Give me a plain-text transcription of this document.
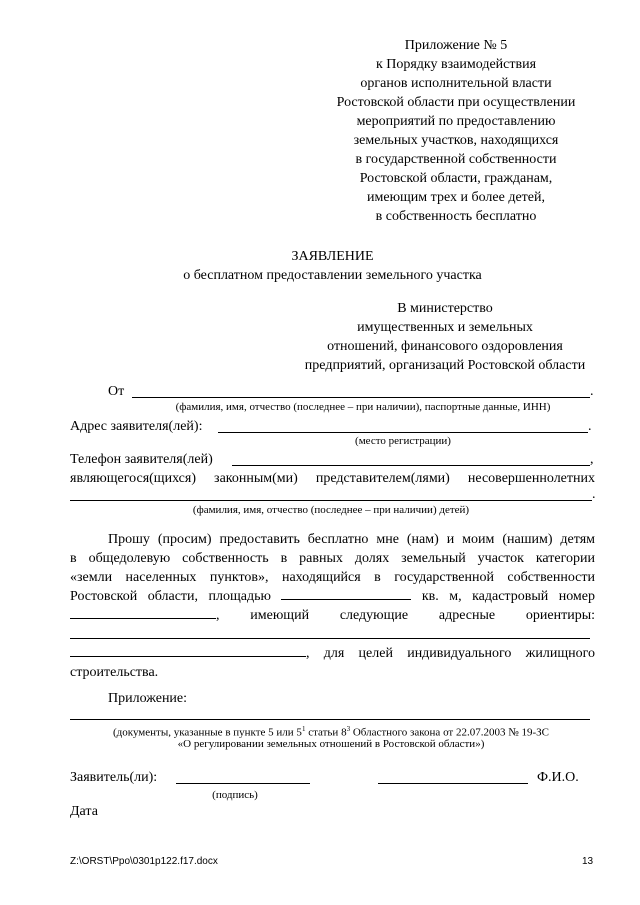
Приложение № 5
к Порядку взаимодействия
органов исполнительной власти
Ростовской области при осуществлении
мероприятий по предоставлению
земельных участков, находящихся
в государственной собственности
Ростовской области, гражданам,
имеющим трех и более детей,
в собственность бесплатно
ЗАЯВЛЕНИЕ
о бесплатном предоставлении земельного участка
В министерство
имущественных и земельных
отношений, финансового оздоровления
предприятий, организаций Ростовской области
От	.
(фамилия, имя, отчество (последнее – при наличии), паспортные данные, ИНН)
Адрес заявителя(лей):	.
(место регистрации)
Телефон заявителя(лей)	,
являющегося(щихся) законным(ми) представителем(лями) несовершеннолетних
.
(фамилия, имя, отчество (последнее – при наличии) детей)
Прошу (просим) предоставить бесплатно мне (нам) и моим (нашим) детям
в общедолевую собственность в равных долях земельный участок категории
«земли населенных пунктов», находящийся в государственной собственности
Ростовской области, площадью	кв. м, кадастровый номер
, имеющий следующие адресные ориентиры:
, для целей индивидуального жилищного
строительства.
Приложение:
(документы, указанные в пункте 5 или $5^1$ статьи $8^3$ Областного закона от 22.07.2003 № 19-ЗС
«О регулировании земельных отношений в Ростовской области»)
Заявитель(ли):
(подпись)
Ф.И.О.
Дата
Z:\ORST\Ppo\0301p122.f17.docx	13
